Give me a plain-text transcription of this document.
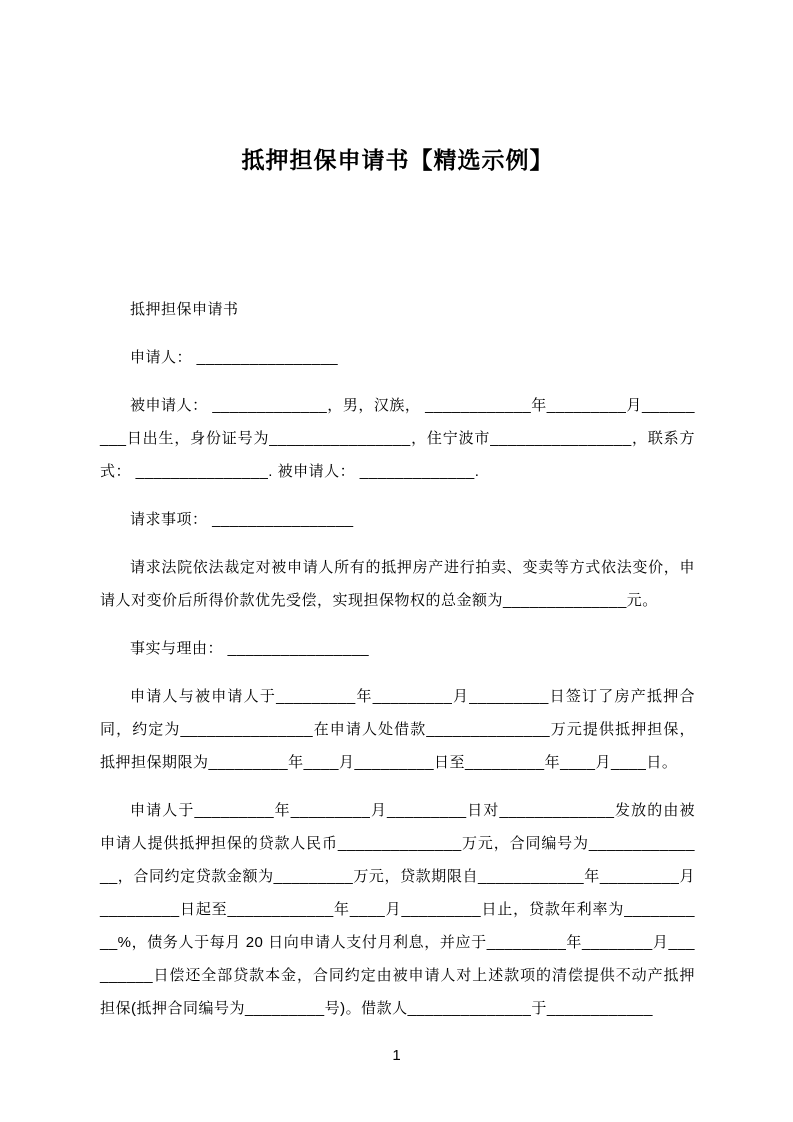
抵押担保申请书【精选示例】

抵押担保申请书

申请人： ________________

被申请人： _____________，男，汉族， ____________年_________月_________日出生，身份证号为________________，住宁波市________________，联系方式： _______________. 被申请人： _____________.

请求事项： ________________

请求法院依法裁定对被申请人所有的抵押房产进行拍卖、变卖等方式依法变价，申请人对变价后所得价款优先受偿，实现担保物权的总金额为______________元。

事实与理由： ________________

申请人与被申请人于_________年_________月_________日签订了房产抵押合同，约定为_______________在申请人处借款______________万元提供抵押担保，抵押担保期限为_________年____月_________日至_________年____月____日。

申请人于_________年_________月_________日对_____________发放的由被申请人提供抵押担保的贷款人民币______________万元，合同编号为______________，合同约定贷款金额为_________万元，贷款期限自____________年_________月_________日起至____________年____月_________日止，贷款年利率为__________%，债务人于每月 20 日向申请人支付月利息，并应于_________年________月_________日偿还全部贷款本金，合同约定由被申请人对上述款项的清偿提供不动产抵押担保(抵押合同编号为_________号)。借款人______________于____________

1
